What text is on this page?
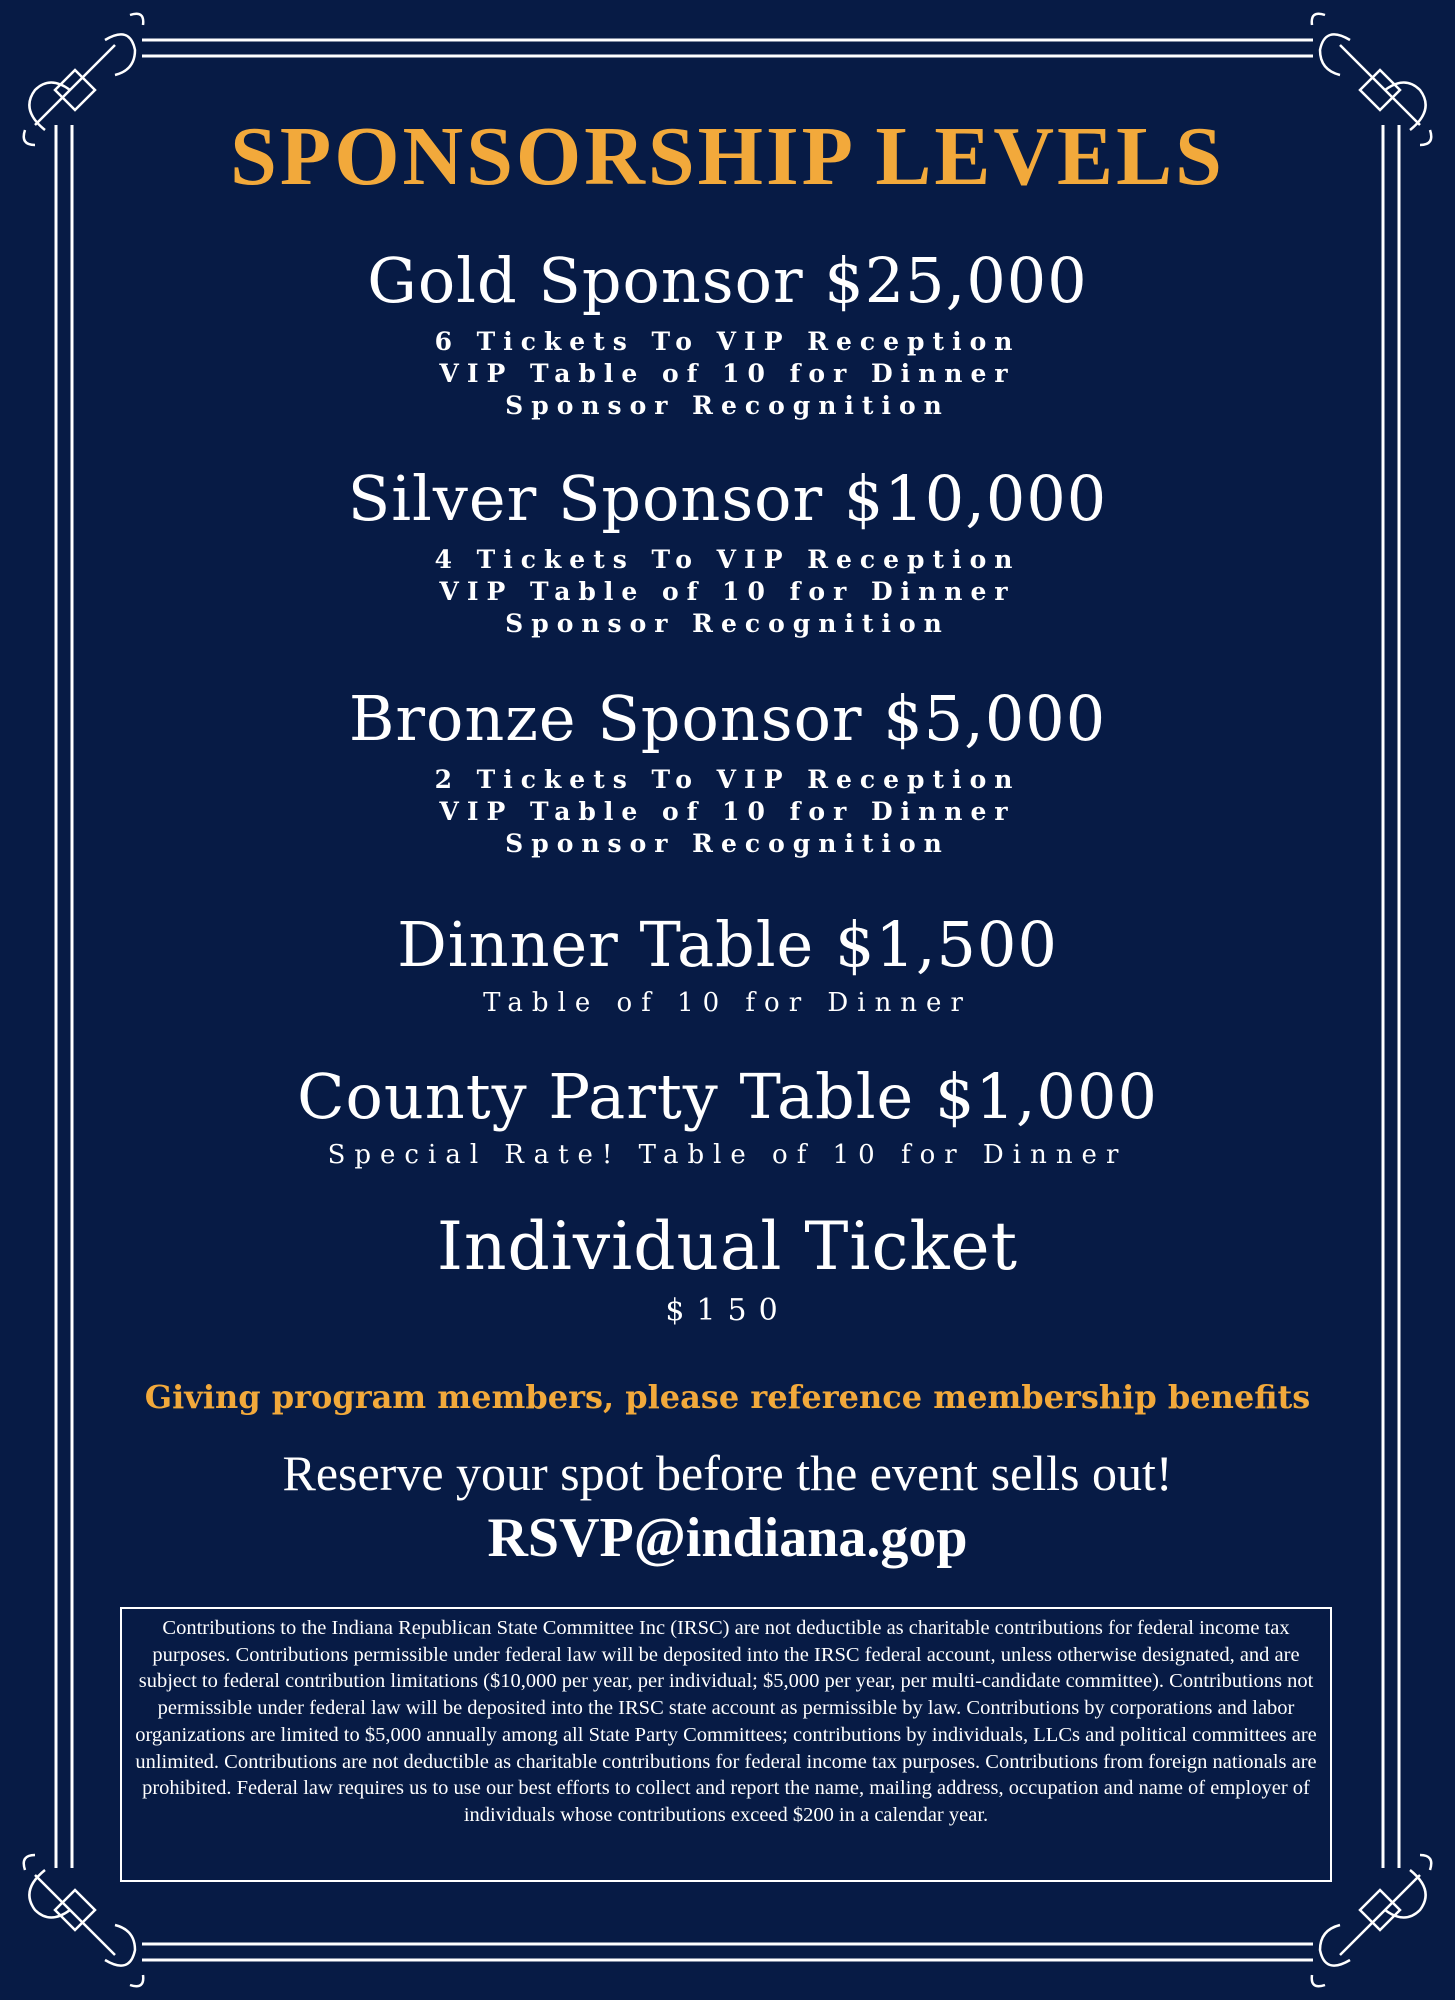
SPONSORSHIP LEVELS
Gold Sponsor $25,000
6 Tickets To VIP Reception
VIP Table of 10 for Dinner
Sponsor Recognition
Silver Sponsor $10,000
4 Tickets To VIP Reception
VIP Table of 10 for Dinner
Sponsor Recognition
Bronze Sponsor $5,000
2 Tickets To VIP Reception
VIP Table of 10 for Dinner
Sponsor Recognition
Dinner Table $1,500
Table of 10 for Dinner
County Party Table $1,000
Special Rate! Table of 10 for Dinner
Individual Ticket
$150
Giving program members, please reference membership benefits
Reserve your spot before the event sells out!
RSVP@indiana.gop
Contributions to the Indiana Republican State Committee Inc (IRSC) are not deductible as charitable contributions for federal income tax purposes. Contributions permissible under federal law will be deposited into the IRSC federal account, unless otherwise designated, and are subject to federal contribution limitations ($10,000 per year, per individual; $5,000 per year, per multi-candidate committee). Contributions not permissible under federal law will be deposited into the IRSC state account as permissible by law. Contributions by corporations and labor organizations are limited to $5,000 annually among all State Party Committees; contributions by individuals, LLCs and political committees are unlimited. Contributions are not deductible as charitable contributions for federal income tax purposes. Contributions from foreign nationals are prohibited. Federal law requires us to use our best efforts to collect and report the name, mailing address, occupation and name of employer of individuals whose contributions exceed $200 in a calendar year.
